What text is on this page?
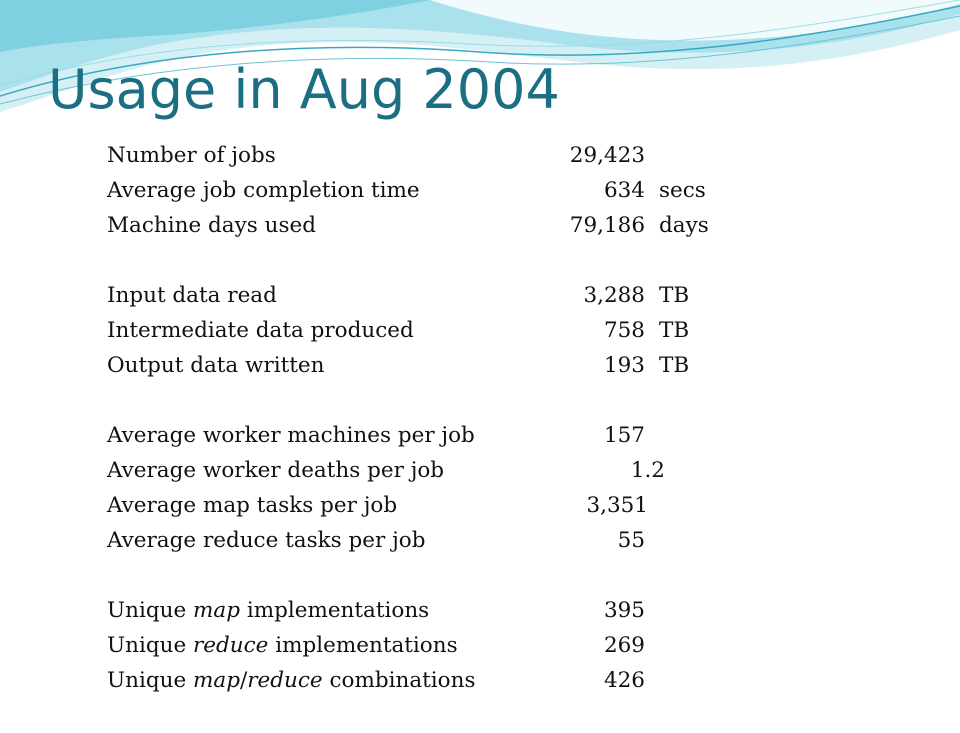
Usage in Aug 2004
Number of jobs	29,423
Average job completion time	634 secs
Machine days used	79,186 days
Input data read	3,288 TB
Intermediate data produced	758 TB
Output data written	193 TB
Average worker machines per job	157
Average worker deaths per job	1.2
Average map tasks per job	3,351
Average reduce tasks per job	55
Unique map implementations	395
Unique reduce implementations	269
Unique map/reduce combinations	426
